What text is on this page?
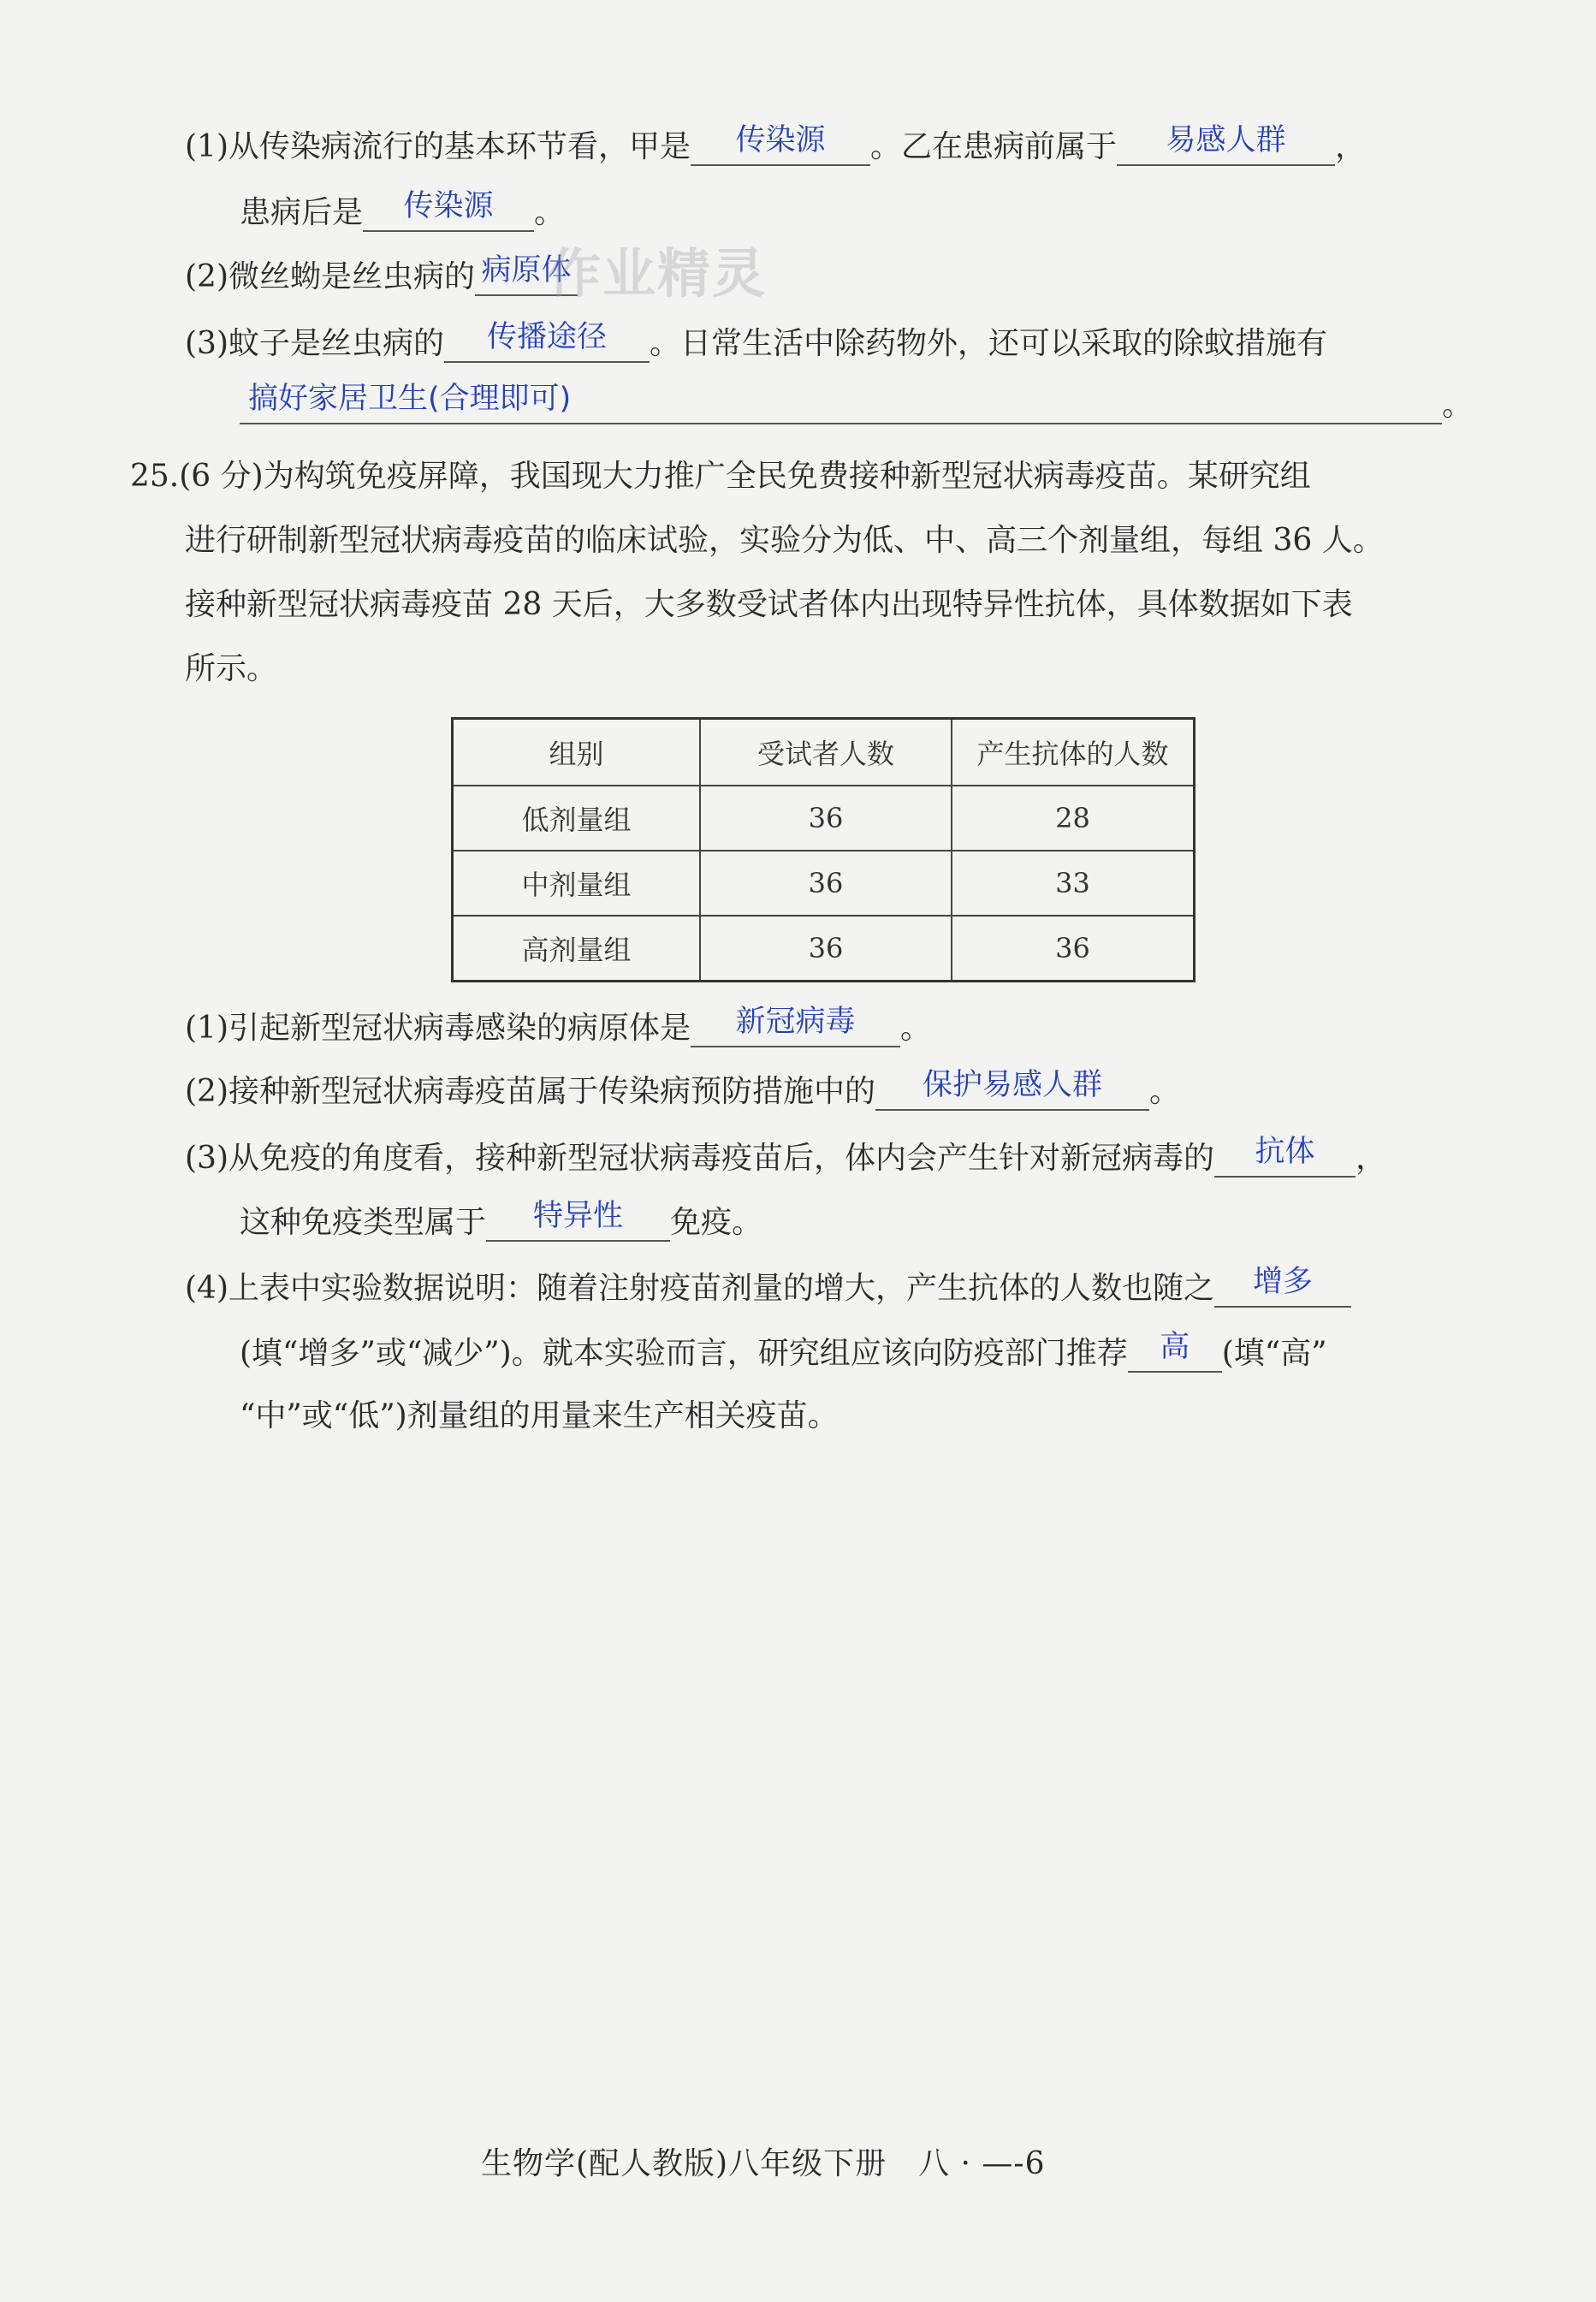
(1)从传染病流行的基本环节看，甲是	传染源	。乙在患病前属于	易感人群	，
患病后是	传染源	。
(2)微丝蚴是丝虫病的 病原体
作业精灵
(3)蚊子是丝虫病的	传播途径	。日常生活中除药物外，还可以采取的除蚊措施有
搞好家居卫生(合理即可)	。
25.(6 分)为构筑免疫屏障，我国现大力推广全民免费接种新型冠状病毒疫苗。某研究组
进行研制新型冠状病毒疫苗的临床试验，实验分为低、中、高三个剂量组，每组 36 人。
接种新型冠状病毒疫苗 28 天后，大多数受试者体内出现特异性抗体，具体数据如下表
所示。
组别	受试者人数	产生抗体的人数
低剂量组	36	28
中剂量组	36	33
高剂量组	36	36
(1)引起新型冠状病毒感染的病原体是	新冠病毒	。
(2)接种新型冠状病毒疫苗属于传染病预防措施中的	保护易感人群	。
(3)从免疫的角度看，接种新型冠状病毒疫苗后，体内会产生针对新冠病毒的	抗体	，
这种免疫类型属于	特异性	免疫。
(4)上表中实验数据说明：随着注射疫苗剂量的增大，产生抗体的人数也随之	增多
(填“增多”或“减少”)。就本实验而言，研究组应该向防疫部门推荐	高	(填“高”
“中”或“低”)剂量组的用量来生产相关疫苗。
生物学(配人教版)八年级下册　八 · —-6
